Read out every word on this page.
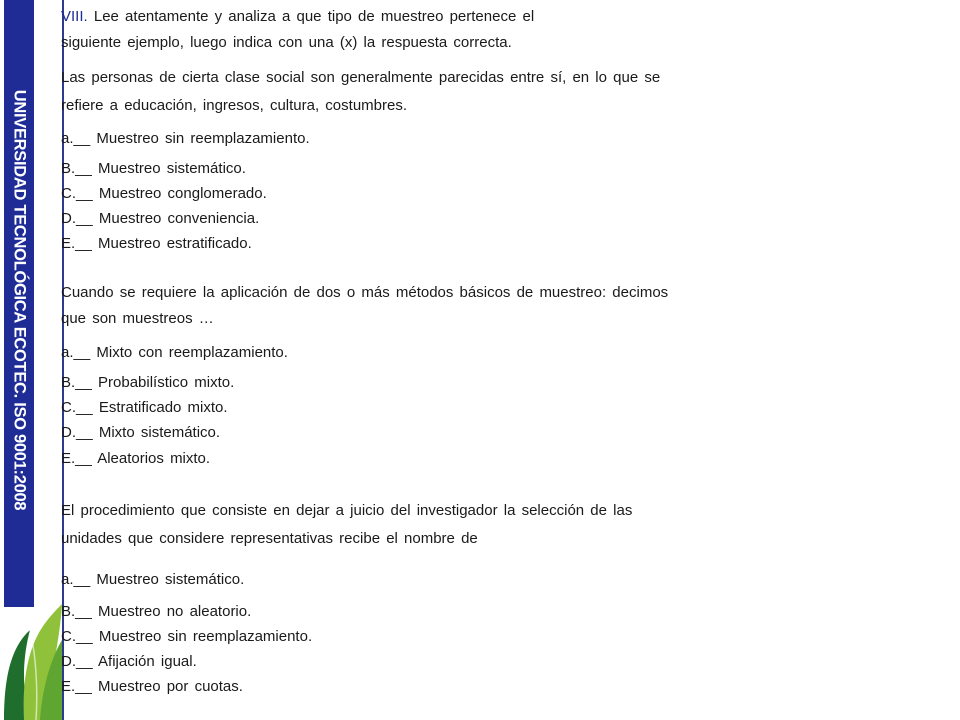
UNIVERSIDAD TECNOLÓGICA ECOTEC. ISO 9001:2008
VIII. Lee atentamente y analiza a que tipo de muestreo pertenece el
siguiente ejemplo, luego indica con una (x) la respuesta correcta.
Las personas de cierta clase social son generalmente parecidas entre sí, en lo que se
refiere a educación, ingresos, cultura, costumbres.
a.__ Muestreo sin reemplazamiento.
B.__ Muestreo sistemático.
C.__ Muestreo conglomerado.
D.__ Muestreo conveniencia.
E.__ Muestreo estratificado.
Cuando se requiere la aplicación de dos o más métodos básicos de muestreo: decimos
que son muestreos …
a.__ Mixto con reemplazamiento.
B.__ Probabilístico mixto.
C.__ Estratificado mixto.
D.__ Mixto sistemático.
E.__ Aleatorios mixto.
El procedimiento que consiste en dejar a juicio del investigador la selección de las
unidades que considere representativas recibe el nombre de
a.__ Muestreo sistemático.
B.__ Muestreo no aleatorio.
C.__ Muestreo sin reemplazamiento.
D.__ Afijación igual.
E.__ Muestreo por cuotas.
